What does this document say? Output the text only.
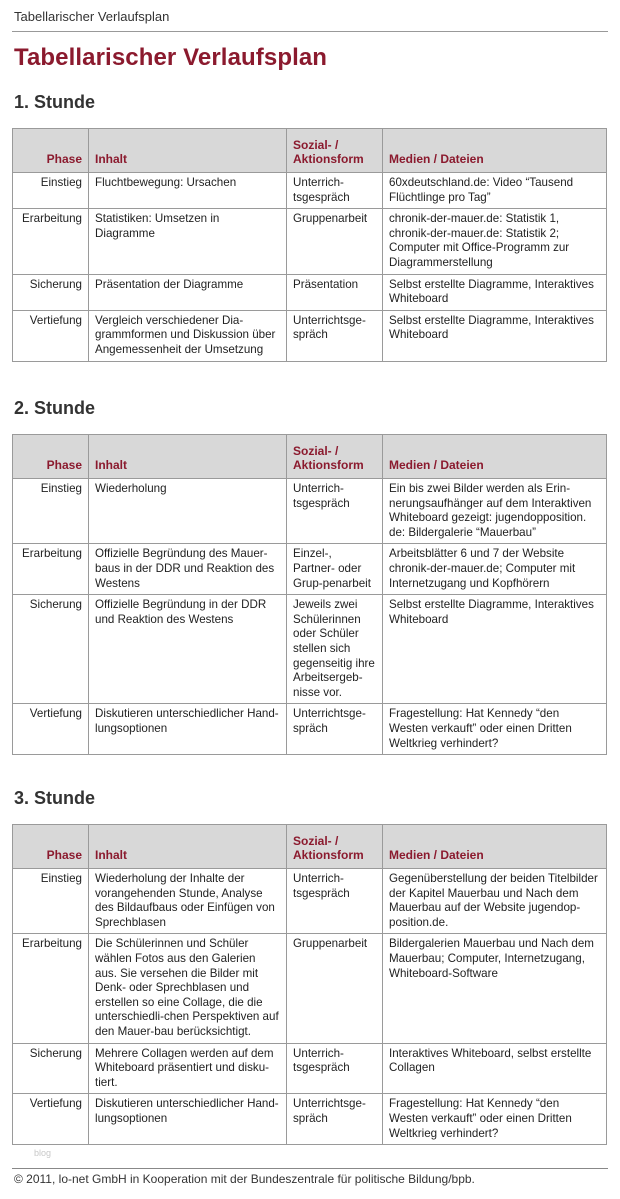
Tabellarischer Verlaufsplan
Tabellarischer Verlaufsplan
1. Stunde
Phase	Inhalt	Sozial- / Aktionsform	Medien / Dateien
Einstieg	Fluchtbewegung: Ursachen	Unterrich-tsgespräch	60xdeutschland.de: Video “Tausend Flüchtlinge pro Tag”
Erarbeitung	Statistiken: Umsetzen in Diagramme	Gruppenarbeit	chronik-der-mauer.de: Statistik 1, chronik-der-mauer.de: Statistik 2; Computer mit Office-Programm zur Diagrammerstellung
Sicherung	Präsentation der Diagramme	Präsentation	Selbst erstellte Diagramme, Interaktives Whiteboard
Vertiefung	Vergleich verschiedener Dia-grammformen und Diskussion über Angemessenheit der Umsetzung	Unterrichtsge-spräch	Selbst erstellte Diagramme, Interaktives Whiteboard
2. Stunde
Phase	Inhalt	Sozial- / Aktionsform	Medien / Dateien
Einstieg	Wiederholung	Unterrich-tsgespräch	Ein bis zwei Bilder werden als Erin-nerungsaufhänger auf dem Interaktiven Whiteboard gezeigt: jugendopposition. de: Bildergalerie “Mauerbau”
Erarbeitung	Offizielle Begründung des Mauer-baus in der DDR und Reaktion des Westens	Einzel-, Partner- oder Grup-penarbeit	Arbeitsblätter 6 und 7 der Website chronik-der-mauer.de; Computer mit Internetzugang und Kopfhörern
Sicherung	Offizielle Begründung in der DDR und Reaktion des Westens	Jeweils zwei Schülerinnen oder Schüler stellen sich gegenseitig ihre Arbeitsergeb-nisse vor.	Selbst erstellte Diagramme, Interaktives Whiteboard
Vertiefung	Diskutieren unterschiedlicher Hand-lungsoptionen	Unterrichtsge-spräch	Fragestellung: Hat Kennedy “den Westen verkauft” oder einen Dritten Weltkrieg verhindert?
3. Stunde
Phase	Inhalt	Sozial- / Aktionsform	Medien / Dateien
Einstieg	Wiederholung der Inhalte der vorangehenden Stunde, Analyse des Bildaufbaus oder Einfügen von Sprechblasen	Unterrich-tsgespräch	Gegenüberstellung der beiden Titelbilder der Kapitel Mauerbau und Nach dem Mauerbau auf der Website jugendop-position.de.
Erarbeitung	Die Schülerinnen und Schüler wählen Fotos aus den Galerien aus. Sie versehen die Bilder mit Denk- oder Sprechblasen und erstellen so eine Collage, die die unterschiedli-chen Perspektiven auf den Mauer-bau berücksichtigt.	Gruppenarbeit	Bildergalerien Mauerbau und Nach dem Mauerbau; Computer, Internetzugang, Whiteboard-Software
Sicherung	Mehrere Collagen werden auf dem Whiteboard präsentiert und disku-tiert.	Unterrich-tsgespräch	Interaktives Whiteboard, selbst erstellte Collagen
Vertiefung	Diskutieren unterschiedlicher Hand-lungsoptionen	Unterrichtsge-spräch	Fragestellung: Hat Kennedy “den Westen verkauft” oder einen Dritten Weltkrieg verhindert?
blog
© 2011, lo-net GmbH in Kooperation mit der Bundeszentrale für politische Bildung/bpb.
